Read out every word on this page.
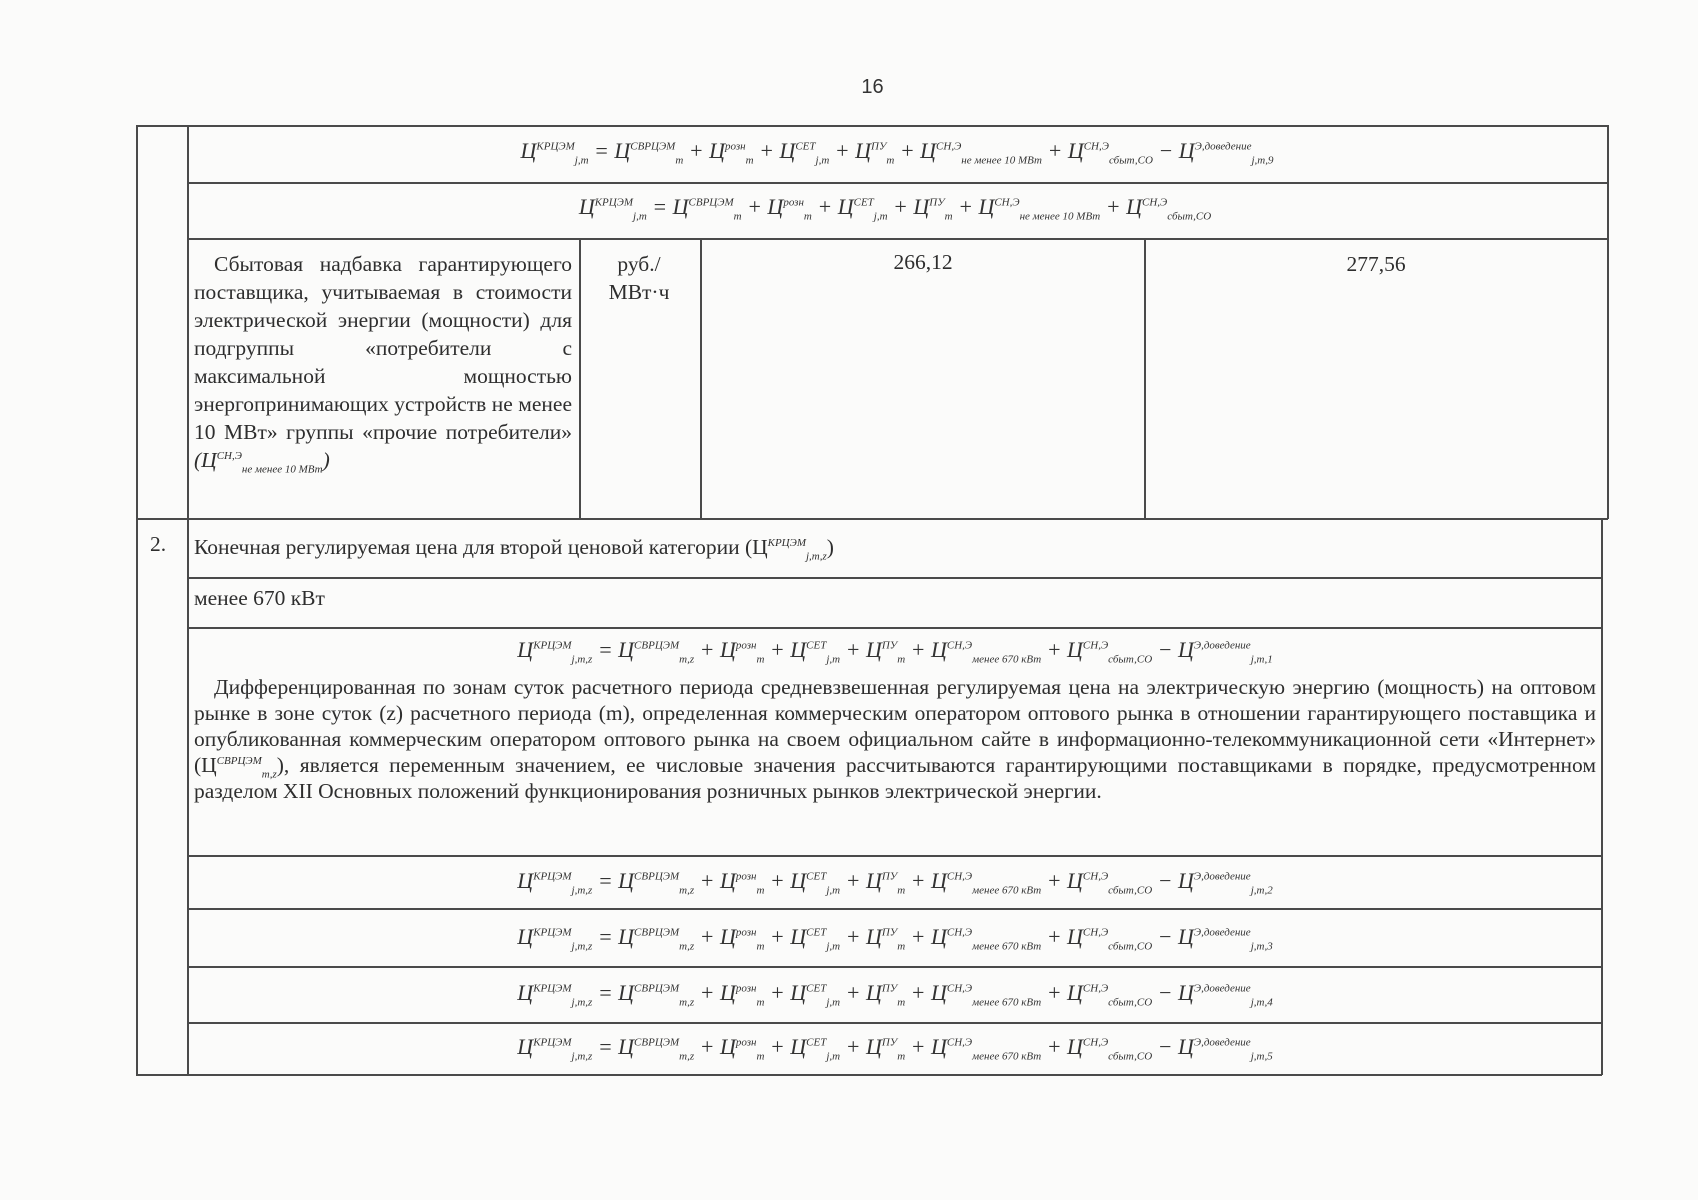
16
$Ц^{КРЦЭМ}_{j,m} = Ц^{СВРЦЭМ}_m + Ц^{розн}_m + Ц^{СЕТ}_{j,m} + Ц^{ПУ}_m + Ц^{СН,Э}_{не менее 10 МВт} + Ц^{СН,Э}_{сбыт,СО} - Ц^{Э,доведение}_{j,m,9}$
$Ц^{КРЦЭМ}_{j,m} = Ц^{СВРЦЭМ}_m + Ц^{розн}_m + Ц^{СЕТ}_{j,m} + Ц^{ПУ}_m + Ц^{СН,Э}_{не менее 10 МВт} + Ц^{СН,Э}_{сбыт,СО}$
Сбытовая надбавка гарантирующего поставщика, учитываемая в стоимости электрической энергии (мощности) для подгруппы «потребители с максимальной мощностью энергопринимающих устройств не менее 10 МВт» группы «прочие потребители» $(Ц^{СН,Э}_{не менее 10 МВт})$
руб./ МВт·ч
266,12	277,56
2. Конечная регулируемая цена для второй ценовой категории $(Ц^{КРЦЭМ}_{j,m,z})$
менее 670 кВт
$Ц^{КРЦЭМ}_{j,m,z} = Ц^{СВРЦЭМ}_{m,z} + Ц^{розн}_m + Ц^{СЕТ}_{j,m} + Ц^{ПУ}_m + Ц^{СН,Э}_{менее 670 кВт} + Ц^{СН,Э}_{сбыт,СО} - Ц^{Э,доведение}_{j,m,1}$
Дифференцированная по зонам суток расчетного периода средневзвешенная регулируемая цена на электрическую энергию (мощность) на оптовом рынке в зоне суток (z) расчетного периода (m), определенная коммерческим оператором оптового рынка в отношении гарантирующего поставщика и опубликованная коммерческим оператором оптового рынка на своем официальном сайте в информационно-телекоммуникационной сети «Интернет» $(Ц^{СВРЦЭМ}_{m,z})$, является переменным значением, ее числовые значения рассчитываются гарантирующими поставщиками в порядке, предусмотренном разделом XII Основных положений функционирования розничных рынков электрической энергии.
$Ц^{КРЦЭМ}_{j,m,z} = Ц^{СВРЦЭМ}_{m,z} + Ц^{розн}_m + Ц^{СЕТ}_{j,m} + Ц^{ПУ}_m + Ц^{СН,Э}_{менее 670 кВт} + Ц^{СН,Э}_{сбыт,СО} - Ц^{Э,доведение}_{j,m,2}$
$Ц^{КРЦЭМ}_{j,m,z} = Ц^{СВРЦЭМ}_{m,z} + Ц^{розн}_m + Ц^{СЕТ}_{j,m} + Ц^{ПУ}_m + Ц^{СН,Э}_{менее 670 кВт} + Ц^{СН,Э}_{сбыт,СО} - Ц^{Э,доведение}_{j,m,3}$
$Ц^{КРЦЭМ}_{j,m,z} = Ц^{СВРЦЭМ}_{m,z} + Ц^{розн}_m + Ц^{СЕТ}_{j,m} + Ц^{ПУ}_m + Ц^{СН,Э}_{менее 670 кВт} + Ц^{СН,Э}_{сбыт,СО} - Ц^{Э,доведение}_{j,m,4}$
$Ц^{КРЦЭМ}_{j,m,z} = Ц^{СВРЦЭМ}_{m,z} + Ц^{розн}_m + Ц^{СЕТ}_{j,m} + Ц^{ПУ}_m + Ц^{СН,Э}_{менее 670 кВт} + Ц^{СН,Э}_{сбыт,СО} - Ц^{Э,доведение}_{j,m,5}$
